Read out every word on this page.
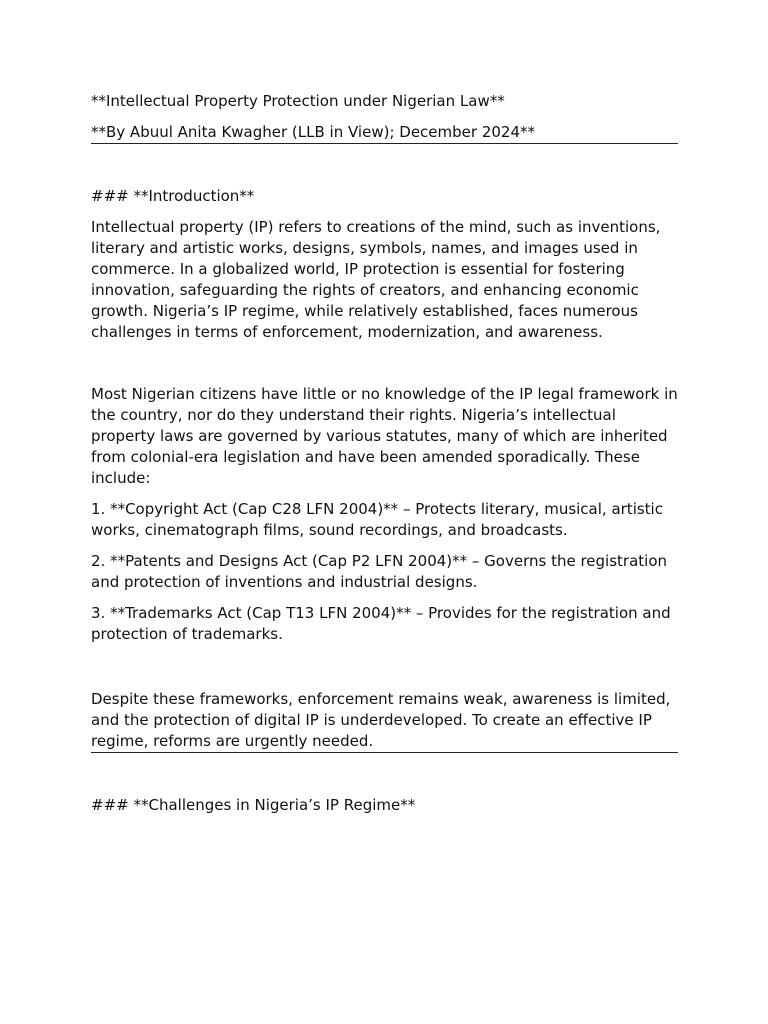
**Intellectual Property Protection under Nigerian Law**

**By Abuul Anita Kwagher (LLB in View); December 2024**

### **Introduction**

Intellectual property (IP) refers to creations of the mind, such as inventions, literary and artistic works, designs, symbols, names, and images used in commerce. In a globalized world, IP protection is essential for fostering innovation, safeguarding the rights of creators, and enhancing economic growth. Nigeria’s IP regime, while relatively established, faces numerous challenges in terms of enforcement, modernization, and awareness.

Most Nigerian citizens have little or no knowledge of the IP legal framework in the country, nor do they understand their rights. Nigeria’s intellectual property laws are governed by various statutes, many of which are inherited from colonial-era legislation and have been amended sporadically. These include:

1. **Copyright Act (Cap C28 LFN 2004)** – Protects literary, musical, artistic works, cinematograph films, sound recordings, and broadcasts.

2. **Patents and Designs Act (Cap P2 LFN 2004)** – Governs the registration and protection of inventions and industrial designs.

3. **Trademarks Act (Cap T13 LFN 2004)** – Provides for the registration and protection of trademarks.

Despite these frameworks, enforcement remains weak, awareness is limited, and the protection of digital IP is underdeveloped. To create an effective IP regime, reforms are urgently needed.

### **Challenges in Nigeria’s IP Regime**
